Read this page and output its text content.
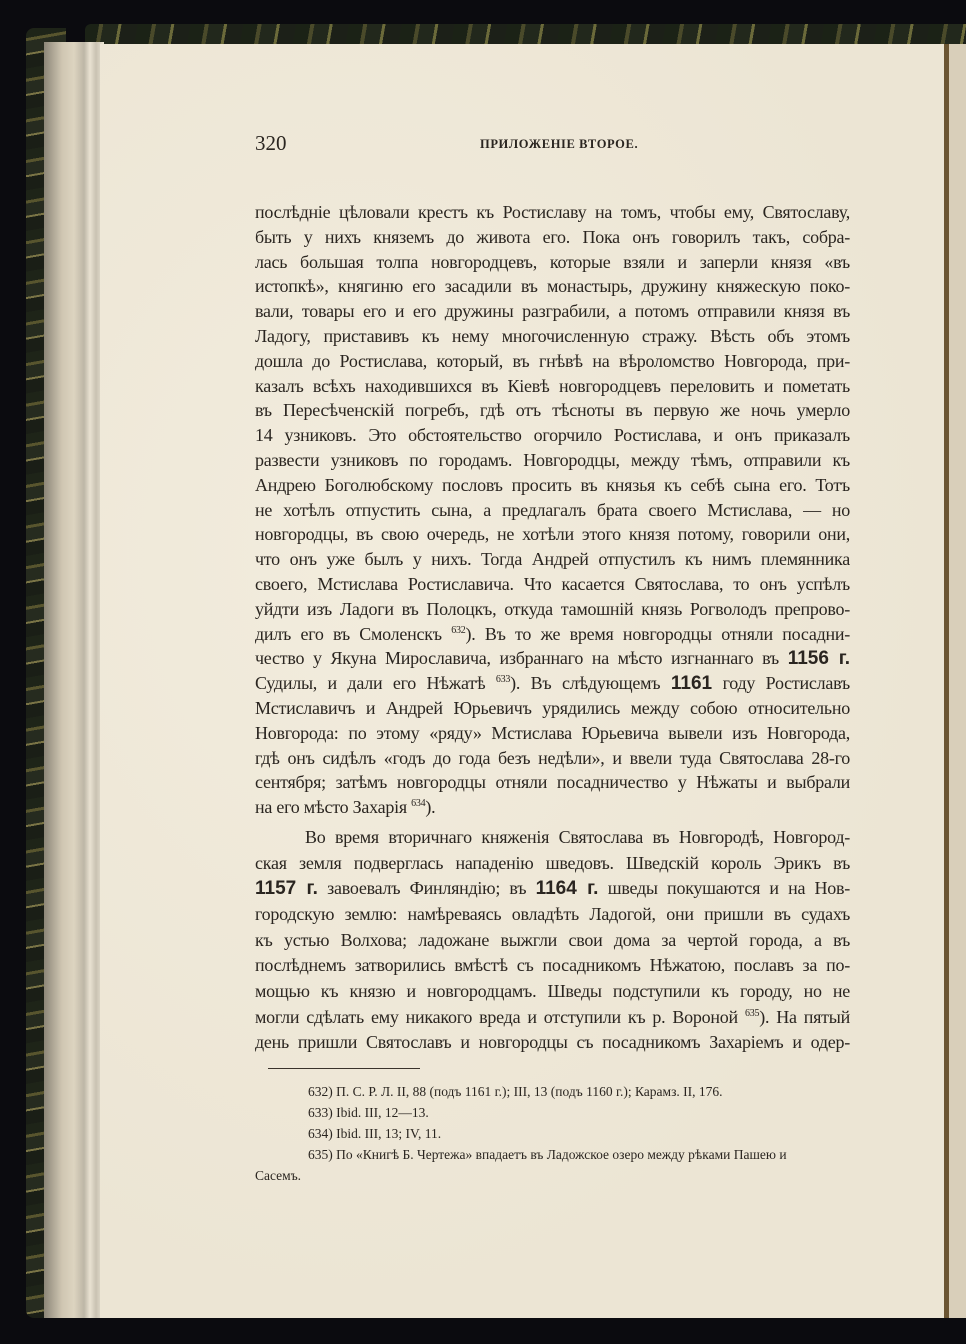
320	ПРИЛОЖЕНІЕ ВТОРОЕ.
послѣдніе цѣловали крестъ къ Ростиславу на томъ, чтобы ему, Святославу,
быть у нихъ княземъ до живота его. Пока онъ говорилъ такъ, собра-
лась большая толпа новгородцевъ, которые взяли и заперли князя «въ
истопкѣ», княгиню его засадили въ монастырь, дружину княжескую поко-
вали, товары его и его дружины разграбили, а потомъ отправили князя въ
Ладогу, приставивъ къ нему многочисленную стражу. Вѣсть объ этомъ
дошла до Ростислава, который, въ гнѣвѣ на вѣроломство Новгорода, при-
казалъ всѣхъ находившихся въ Кіевѣ новгородцевъ переловить и пометать
въ Пересѣченскій погребъ, гдѣ отъ тѣсноты въ первую же ночь умерло
14 узниковъ. Это обстоятельство огорчило Ростислава, и онъ приказалъ
развести узниковъ по городамъ. Новгородцы, между тѣмъ, отправили къ
Андрею Боголюбскому пословъ просить въ князья къ себѣ сына его. Тотъ
не хотѣлъ отпустить сына, а предлагалъ брата своего Мстислава, — но
новгородцы, въ свою очередь, не хотѣли этого князя потому, говорили они,
что онъ уже былъ у нихъ. Тогда Андрей отпустилъ къ нимъ племянника
своего, Мстислава Ростиславича. Что касается Святослава, то онъ успѣлъ
уйдти изъ Ладоги въ Полоцкъ, откуда тамошній князь Рогволодъ препрово-
дилъ его въ Смоленскъ $^{632}$). Въ то же время новгородцы отняли посадни-
чество у Якуна Мирославича, избраннаго на мѣсто изгнаннаго въ 1156 г.
Судилы, и дали его Нѣжатѣ $^{633}$). Въ слѣдующемъ 1161 году Ростиславъ
Мстиславичъ и Андрей Юрьевичъ урядились между собою относительно
Новгорода: по этому «ряду» Мстислава Юрьевича вывели изъ Новгорода,
гдѣ онъ сидѣлъ «годъ до года безъ недѣли», и ввели туда Святослава 28-го
сентября; затѣмъ новгородцы отняли посадничество у Нѣжаты и выбрали
на его мѣсто Захарія $^{634}$).
Во время вторичнаго княженія Святослава въ Новгородѣ, Новгород-
ская земля подверглась нападенію шведовъ. Шведскій король Эрикъ въ
1157 г. завоевалъ Финляндію; въ 1164 г. шведы покушаются и на Нов-
городскую землю: намѣреваясь овладѣть Ладогой, они пришли въ судахъ
къ устью Волхова; ладожане выжгли свои дома за чертой города, а въ
послѣднемъ затворились вмѣстѣ съ посадникомъ Нѣжатою, пославъ за по-
мощью къ князю и новгородцамъ. Шведы подступили къ городу, но не
могли сдѣлать ему никакого вреда и отступили къ р. Вороной $^{635}$). На пятый
день пришли Святославъ и новгородцы съ посадникомъ Захаріемъ и одер-
632) П. С. Р. Л. II, 88 (подъ 1161 г.); III, 13 (подъ 1160 г.); Карамз. II, 176.
633) Ibid. III, 12—13.
634) Ibid. III, 13; IV, 11.
635) По «Книгѣ Б. Чертежа» впадаетъ въ Ладожское озеро между рѣками Пашею и
Сасемъ.
